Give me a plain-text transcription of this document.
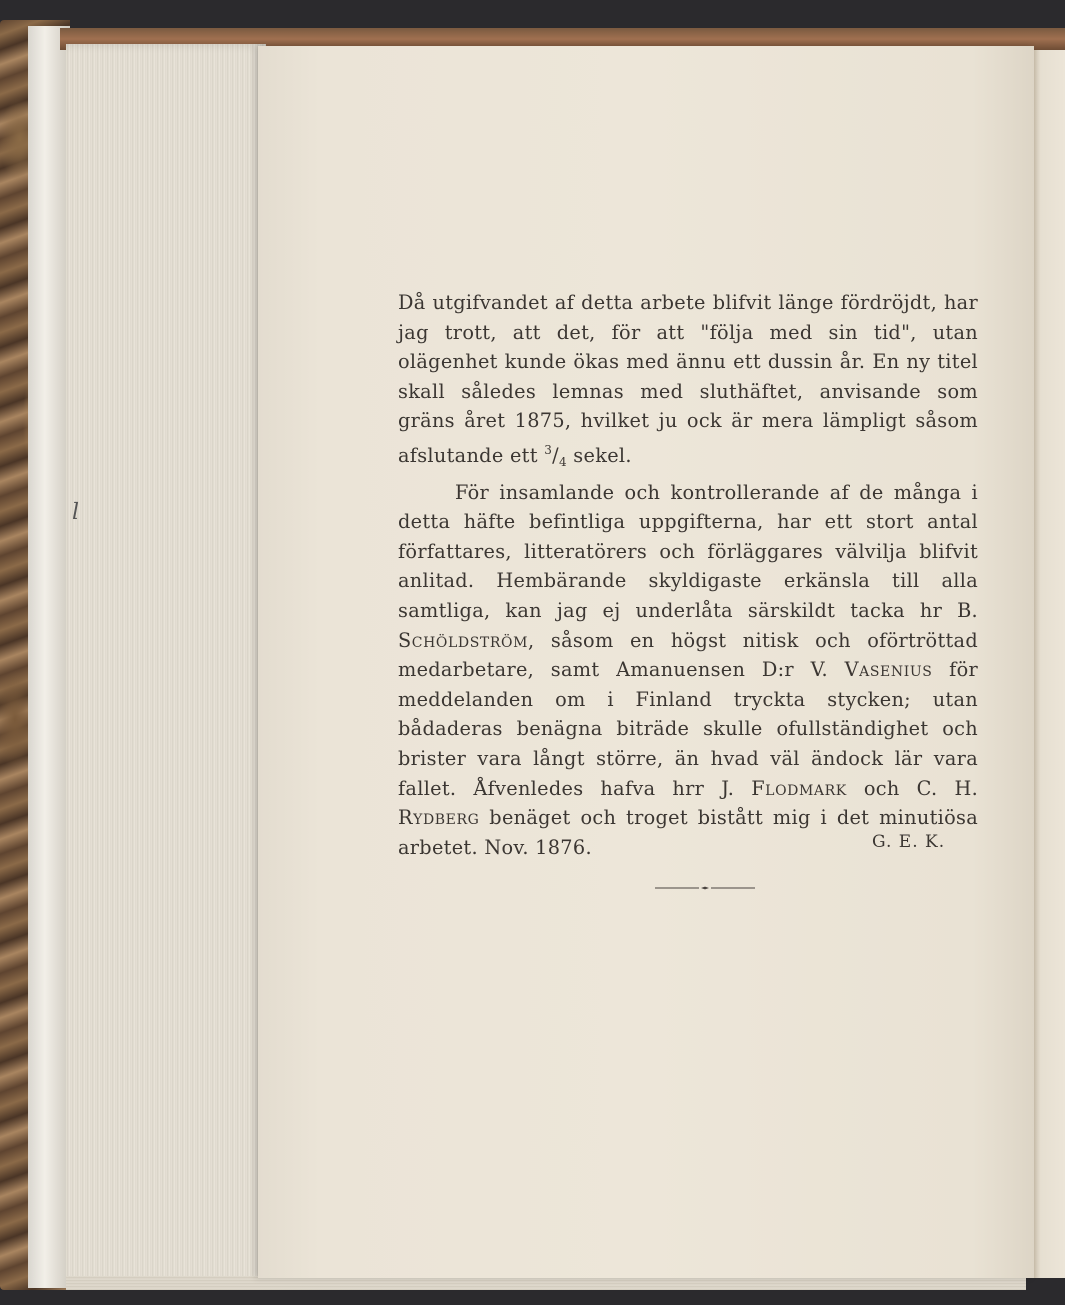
l

Då utgifvandet af detta arbete blifvit länge fördröjdt, har jag trott, att det, för att "följa med sin tid", utan olägenhet kunde ökas med ännu ett dussin år. En ny titel skall således lemnas med sluthäftet, anvisande som gräns året 1875, hvilket ju ock är mera lämpligt såsom afslutande ett $^3/_4$ sekel.

För insamlande och kontrollerande af de många i detta häfte befintliga uppgifterna, har ett stort antal författares, litteratörers och förläggares välvilja blifvit anlitad. Hembärande skyldigaste erkänsla till alla samtliga, kan jag ej underlåta särskildt tacka hr B. Schöldström, såsom en högst nitisk och oförtröttad medarbetare, samt Amanuensen D:r V. Vasenius för meddelanden om i Finland tryckta stycken; utan bådaderas benägna biträde skulle ofullständighet och brister vara långt större, än hvad väl ändock lär vara fallet. Åfvenledes hafva hrr J. Flodmark och C. H. Rydberg benäget och troget bistått mig i det minutiösa arbetet. Nov. 1876.	G. E. K.
